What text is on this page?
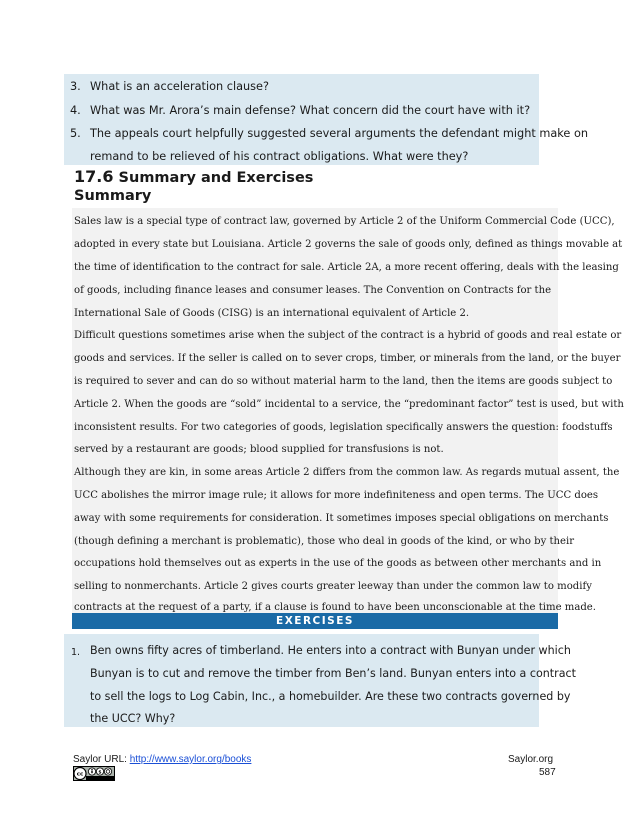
3. What is an acceleration clause?
4. What was Mr. Arora’s main defense? What concern did the court have with it?
5. The appeals court helpfully suggested several arguments the defendant might make on
remand to be relieved of his contract obligations. What were they?
17.6 Summary and Exercises
Summary
Sales law is a special type of contract law, governed by Article 2 of the Uniform Commercial Code (UCC),
adopted in every state but Louisiana. Article 2 governs the sale of goods only, defined as things movable at
the time of identification to the contract for sale. Article 2A, a more recent offering, deals with the leasing
of goods, including finance leases and consumer leases. The Convention on Contracts for the
International Sale of Goods (CISG) is an international equivalent of Article 2.
Difficult questions sometimes arise when the subject of the contract is a hybrid of goods and real estate or
goods and services. If the seller is called on to sever crops, timber, or minerals from the land, or the buyer
is required to sever and can do so without material harm to the land, then the items are goods subject to
Article 2. When the goods are “sold” incidental to a service, the “predominant factor” test is used, but with
inconsistent results. For two categories of goods, legislation specifically answers the question: foodstuffs
served by a restaurant are goods; blood supplied for transfusions is not.
Although they are kin, in some areas Article 2 differs from the common law. As regards mutual assent, the
UCC abolishes the mirror image rule; it allows for more indefiniteness and open terms. The UCC does
away with some requirements for consideration. It sometimes imposes special obligations on merchants
(though defining a merchant is problematic), those who deal in goods of the kind, or who by their
occupations hold themselves out as experts in the use of the goods as between other merchants and in
selling to nonmerchants. Article 2 gives courts greater leeway than under the common law to modify
contracts at the request of a party, if a clause is found to have been unconscionable at the time made.
EXERCISES
1. Ben owns fifty acres of timberland. He enters into a contract with Bunyan under which
Bunyan is to cut and remove the timber from Ben’s land. Bunyan enters into a contract
to sell the logs to Log Cabin, Inc., a homebuilder. Are these two contracts governed by
the UCC? Why?
Saylor URL: http://www.saylor.org/books	Saylor.org
587
cc	$
